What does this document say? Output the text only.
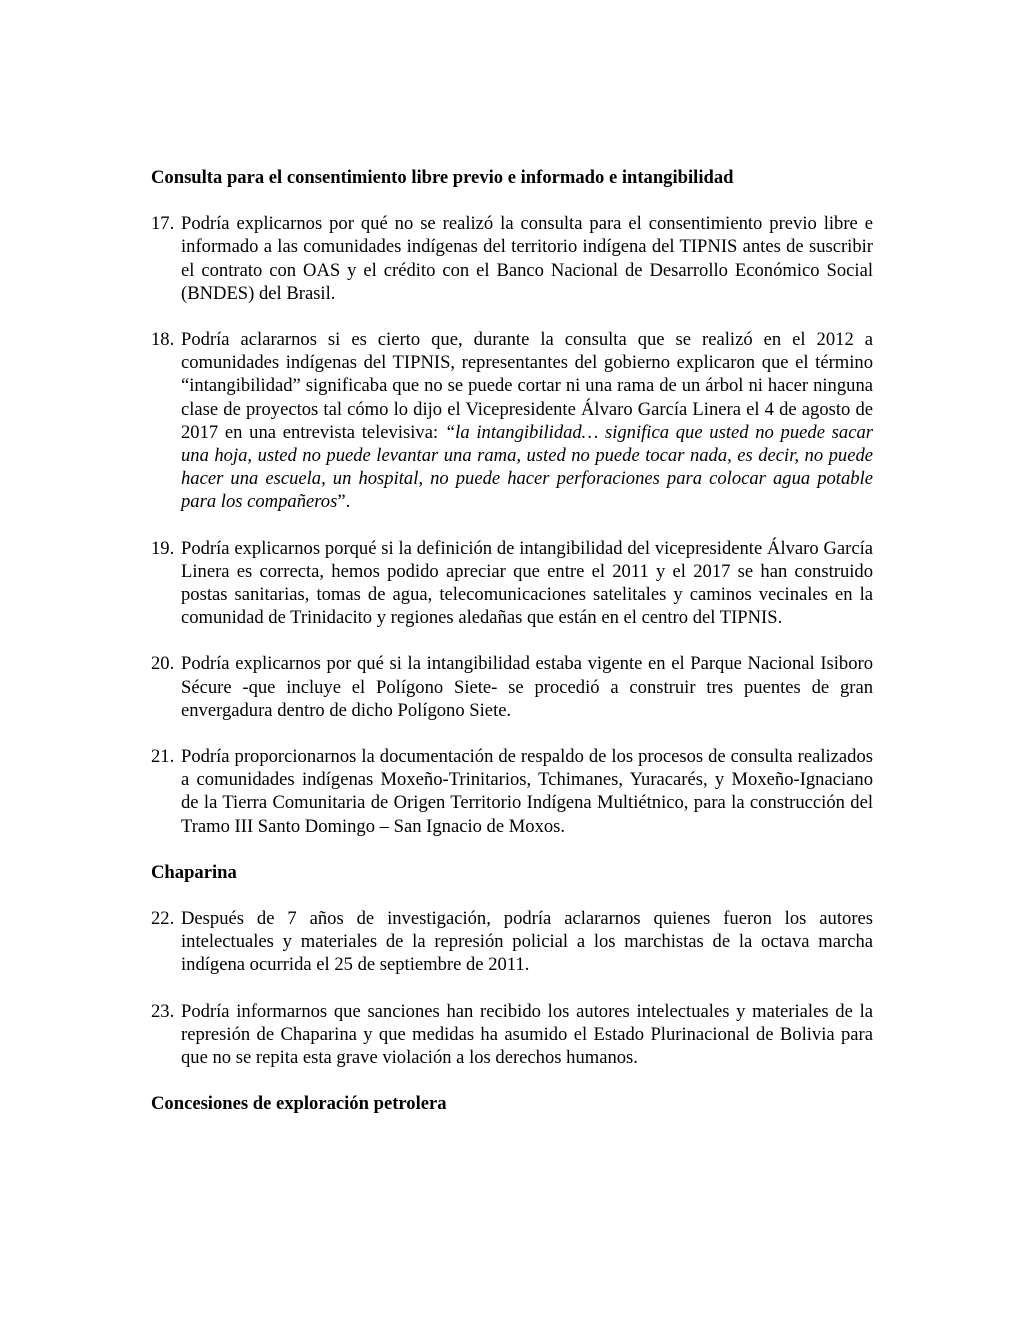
Consulta para el consentimiento libre previo e informado e intangibilidad

17. Podría explicarnos por qué no se realizó la consulta para el consentimiento previo libre e informado a las comunidades indígenas del territorio indígena del TIPNIS antes de suscribir el contrato con OAS y el crédito con el Banco Nacional de Desarrollo Económico Social (BNDES) del Brasil.
18. Podría aclararnos si es cierto que, durante la consulta que se realizó en el 2012 a comunidades indígenas del TIPNIS, representantes del gobierno explicaron que el término “intangibilidad” significaba que no se puede cortar ni una rama de un árbol ni hacer ninguna clase de proyectos tal cómo lo dijo el Vicepresidente Álvaro García Linera el 4 de agosto de 2017 en una entrevista televisiva: “la intangibilidad… significa que usted no puede sacar una hoja, usted no puede levantar una rama, usted no puede tocar nada, es decir, no puede hacer una escuela, un hospital, no puede hacer perforaciones para colocar agua potable para los compañeros”.
19. Podría explicarnos porqué si la definición de intangibilidad del vicepresidente Álvaro García Linera es correcta, hemos podido apreciar que entre el 2011 y el 2017 se han construido postas sanitarias, tomas de agua, telecomunicaciones satelitales y caminos vecinales en la comunidad de Trinidacito y regiones aledañas que están en el centro del TIPNIS.
20. Podría explicarnos por qué si la intangibilidad estaba vigente en el Parque Nacional Isiboro Sécure -que incluye el Polígono Siete- se procedió a construir tres puentes de gran envergadura dentro de dicho Polígono Siete.
21. Podría proporcionarnos la documentación de respaldo de los procesos de consulta realizados a comunidades indígenas Moxeño-Trinitarios, Tchimanes, Yuracarés, y Moxeño-Ignaciano de la Tierra Comunitaria de Origen Territorio Indígena Multiétnico, para la construcción del Tramo III Santo Domingo – San Ignacio de Moxos.

Chaparina

22. Después de 7 años de investigación, podría aclararnos quienes fueron los autores intelectuales y materiales de la represión policial a los marchistas de la octava marcha indígena ocurrida el 25 de septiembre de 2011.
23. Podría informarnos que sanciones han recibido los autores intelectuales y materiales de la represión de Chaparina y que medidas ha asumido el Estado Plurinacional de Bolivia para que no se repita esta grave violación a los derechos humanos.

Concesiones de exploración petrolera
